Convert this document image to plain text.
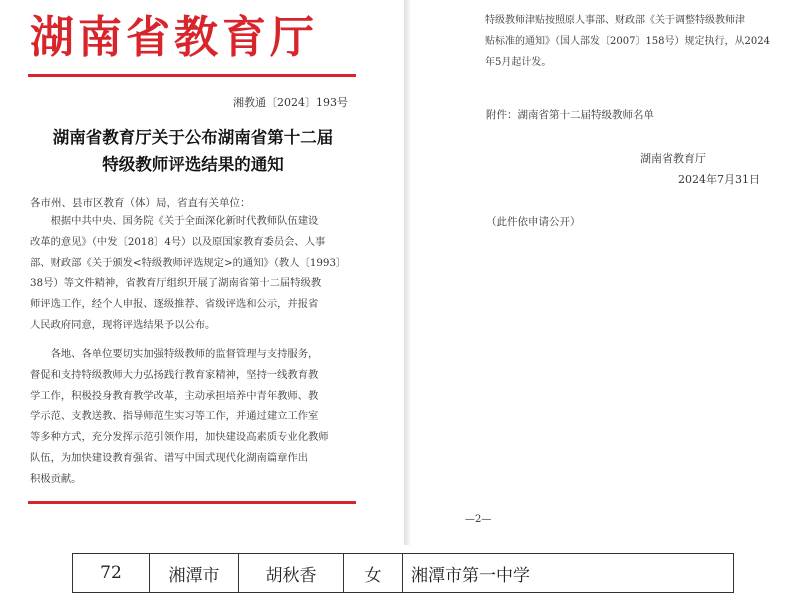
湖南省教育厅
湘教通〔2024〕193号
湖南省教育厅关于公布湖南省第十二届
特级教师评选结果的通知
各市州、县市区教育（体）局，省直有关单位：
　　根据中共中央、国务院《关于全面深化新时代教师队伍建设
改革的意见》（中发〔2018〕4号）以及原国家教育委员会、人事
部、财政部《关于颁发<特级教师评选规定>的通知》（教人〔1993〕
38号）等文件精神，省教育厅组织开展了湖南省第十二届特级教
师评选工作，经个人申报、逐级推荐、省级评选和公示，并报省
人民政府同意，现将评选结果予以公布。
　　各地、各单位要切实加强特级教师的监督管理与支持服务，
督促和支持特级教师大力弘扬践行教育家精神，坚持一线教育教
学工作，积极投身教育教学改革，主动承担培养中青年教师、教
学示范、支教送教、指导师范生实习等工作，并通过建立工作室
等多种方式，充分发挥示范引领作用，加快建设高素质专业化教师
队伍，为加快建设教育强省、谱写中国式现代化湖南篇章作出
积极贡献。
特级教师津贴按照原人事部、财政部《关于调整特级教师津
贴标准的通知》（国人部发〔2007〕158号）规定执行，从2024
年5月起计发。
附件：湖南省第十二届特级教师名单
湖南省教育厅
2024年7月31日
（此件依申请公开）
—2—
72	湘潭市	胡秋香	女	湘潭市第一中学
